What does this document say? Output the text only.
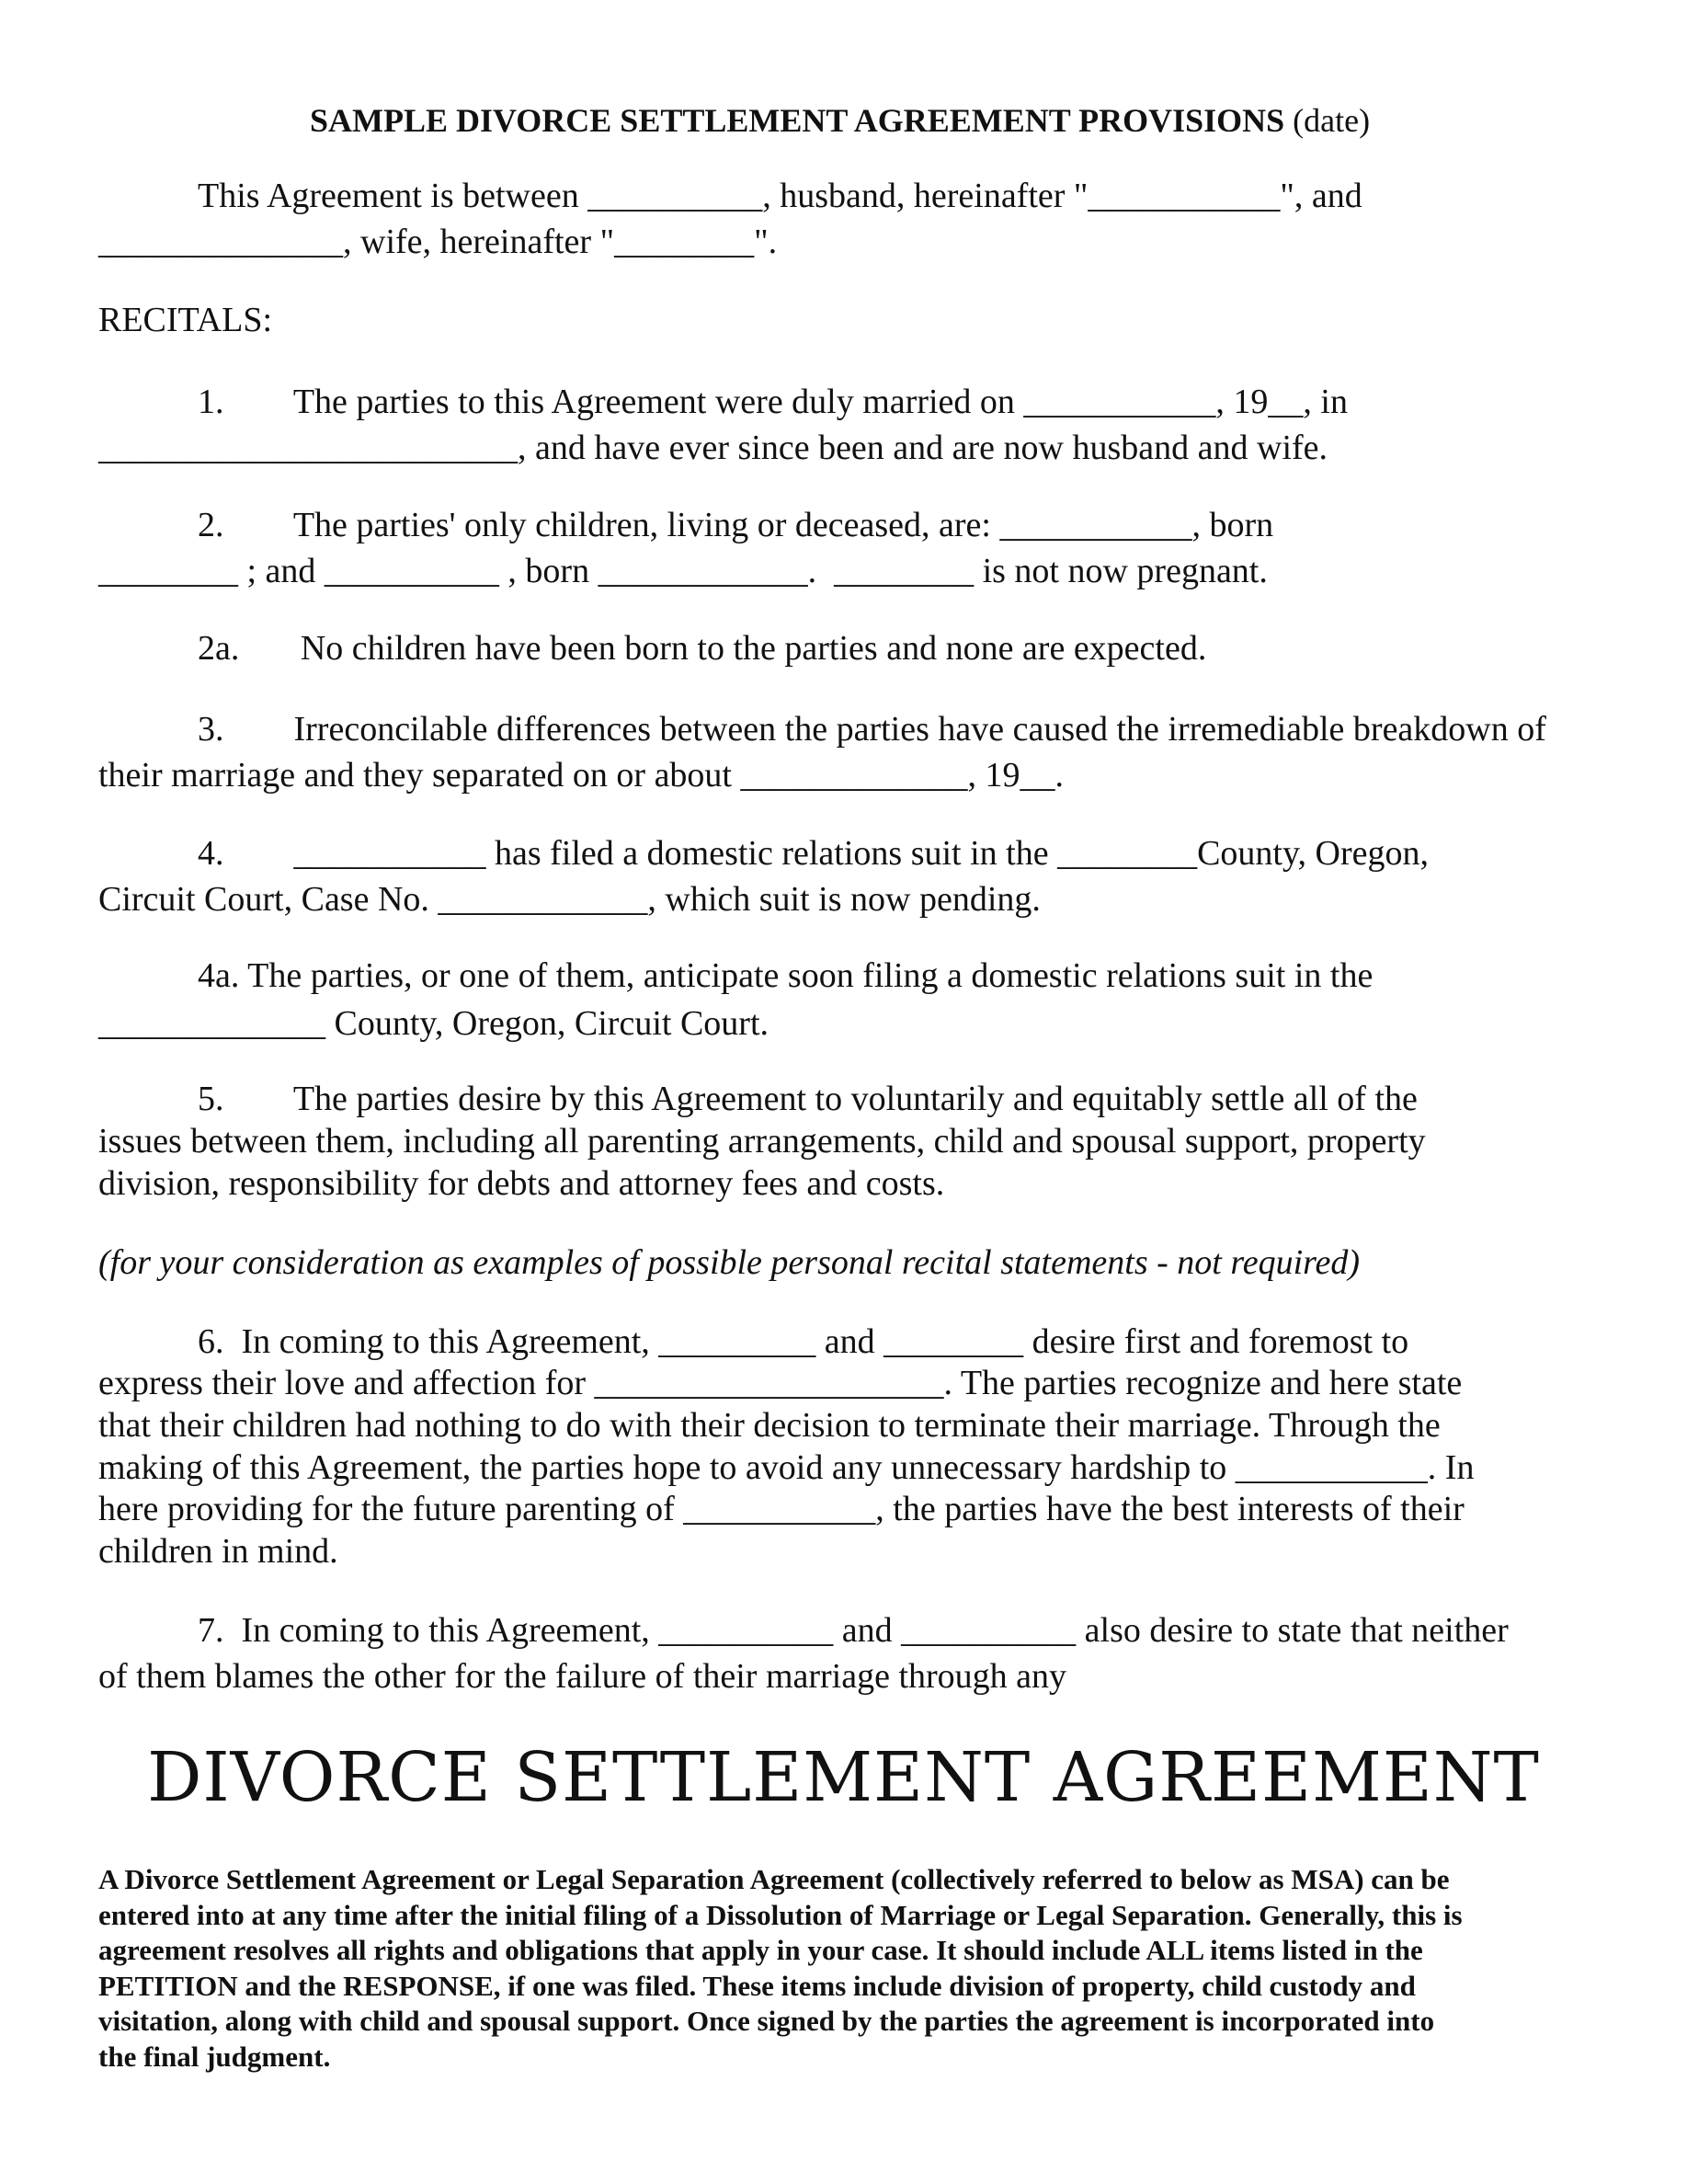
SAMPLE DIVORCE SETTLEMENT AGREEMENT PROVISIONS (date)
This Agreement is between __________, husband, hereinafter "___________", and
______________, wife, hereinafter "________".
RECITALS:
1.        The parties to this Agreement were duly married on ___________, 19__, in
________________________, and have ever since been and are now husband and wife.
2.        The parties' only children, living or deceased, are: ___________, born
________ ; and __________ , born ____________.  ________ is not now pregnant.
2a.       No children have been born to the parties and none are expected.
3.        Irreconcilable differences between the parties have caused the irremediable breakdown of
their marriage and they separated on or about _____________, 19__.
4.        ___________ has filed a domestic relations suit in the ________County, Oregon,
Circuit Court, Case No. ____________, which suit is now pending.
4a. The parties, or one of them, anticipate soon filing a domestic relations suit in the
_____________ County, Oregon, Circuit Court.
5.        The parties desire by this Agreement to voluntarily and equitably settle all of the
issues between them, including all parenting arrangements, child and spousal support, property
division, responsibility for debts and attorney fees and costs.
(for your consideration as examples of possible personal recital statements - not required)
6.  In coming to this Agreement, _________ and ________ desire first and foremost to
express their love and affection for ____________________. The parties recognize and here state
that their children had nothing to do with their decision to terminate their marriage. Through the
making of this Agreement, the parties hope to avoid any unnecessary hardship to ___________. In
here providing for the future parenting of ___________, the parties have the best interests of their
children in mind.
7.  In coming to this Agreement, __________ and __________ also desire to state that neither
of them blames the other for the failure of their marriage through any
DIVORCE SETTLEMENT AGREEMENT
A Divorce Settlement Agreement or Legal Separation Agreement (collectively referred to below as MSA) can be
entered into at any time after the initial filing of a Dissolution of Marriage or Legal Separation. Generally, this is
agreement resolves all rights and obligations that apply in your case. It should include ALL items listed in the
PETITION and the RESPONSE, if one was filed. These items include division of property, child custody and
visitation, along with child and spousal support. Once signed by the parties the agreement is incorporated into
the final judgment.
